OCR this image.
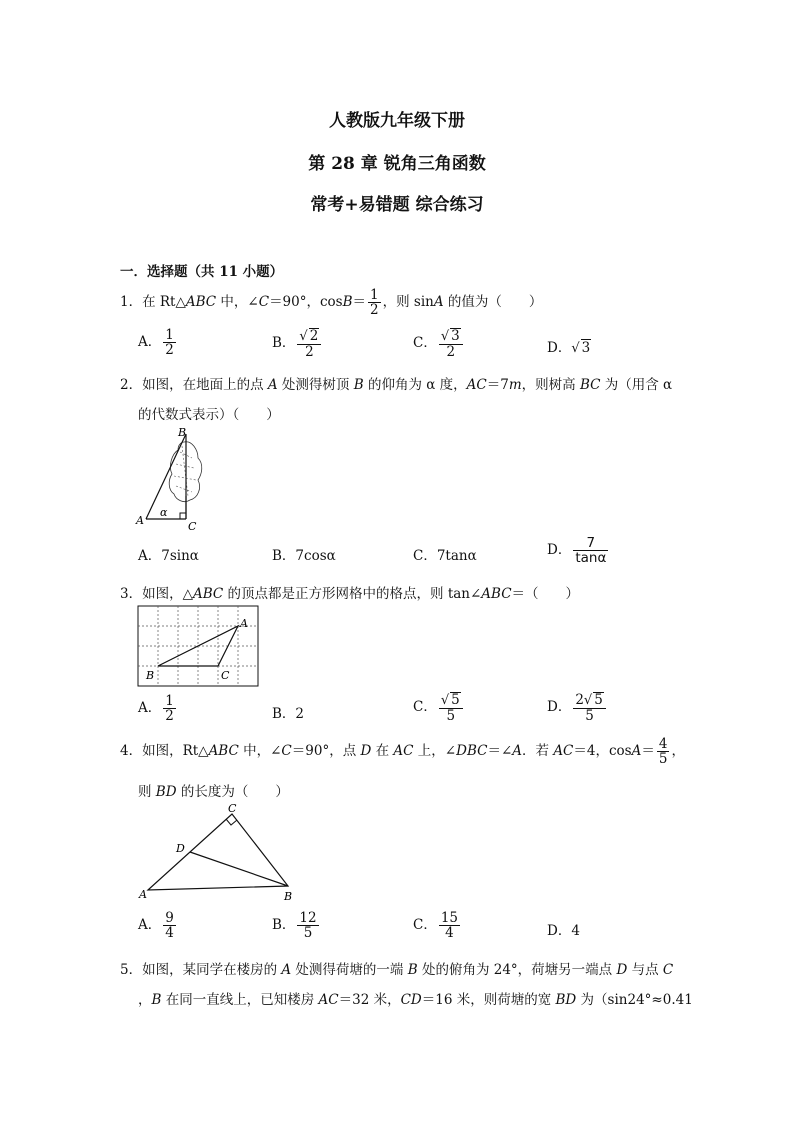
人教版九年级下册
第 28 章 锐角三角函数
常考+易错题 综合练习
一．选择题（共 11 小题）
1．在 Rt△ABC 中，∠C＝90°，$\cos B= \frac{1}{2}$ ，则 sinA 的值为（　　）
A． $\frac{1}{2}$	B． $\frac{√ 2}{2}$	C． $\frac{√ 3}{2}$	D．√ 3
2．如图，在地面上的点 A 处测得树顶 B 的仰角为 α 度，AC＝7m，则树高 BC 为（用含 α
的代数式表示）（　　）
A
B
C
α
A．7sinα	B．7cosα	C．7tanα	D． $\frac{7}{\tan\alpha}$
3．如图，△ABC 的顶点都是正方形网格中的格点，则 tan∠ABC＝（　　）
A
B	C
A． $\frac{1}{2}$	B．2	C． $\frac{√ 5}{5}$	D． $\frac{2√ 5}{5}$
4．如图，Rt△ABC 中，∠C＝90°，点 D 在 AC 上，∠DBC＝∠A．若 AC＝4，$\cos A= \frac{4}{5}$ ，
则 BD 的长度为（　　）
A
C
D
B
A． $\frac{9}{4}$	B． $\frac{12}{5}$	C． $\frac{15}{4}$	D．4
5．如图，某同学在楼房的 A 处测得荷塘的一端 B 处的俯角为 24°，荷塘另一端点 D 与点 C
，B 在同一直线上，已知楼房 AC＝32 米，CD＝16 米，则荷塘的宽 BD 为（sin24°≈0.41
